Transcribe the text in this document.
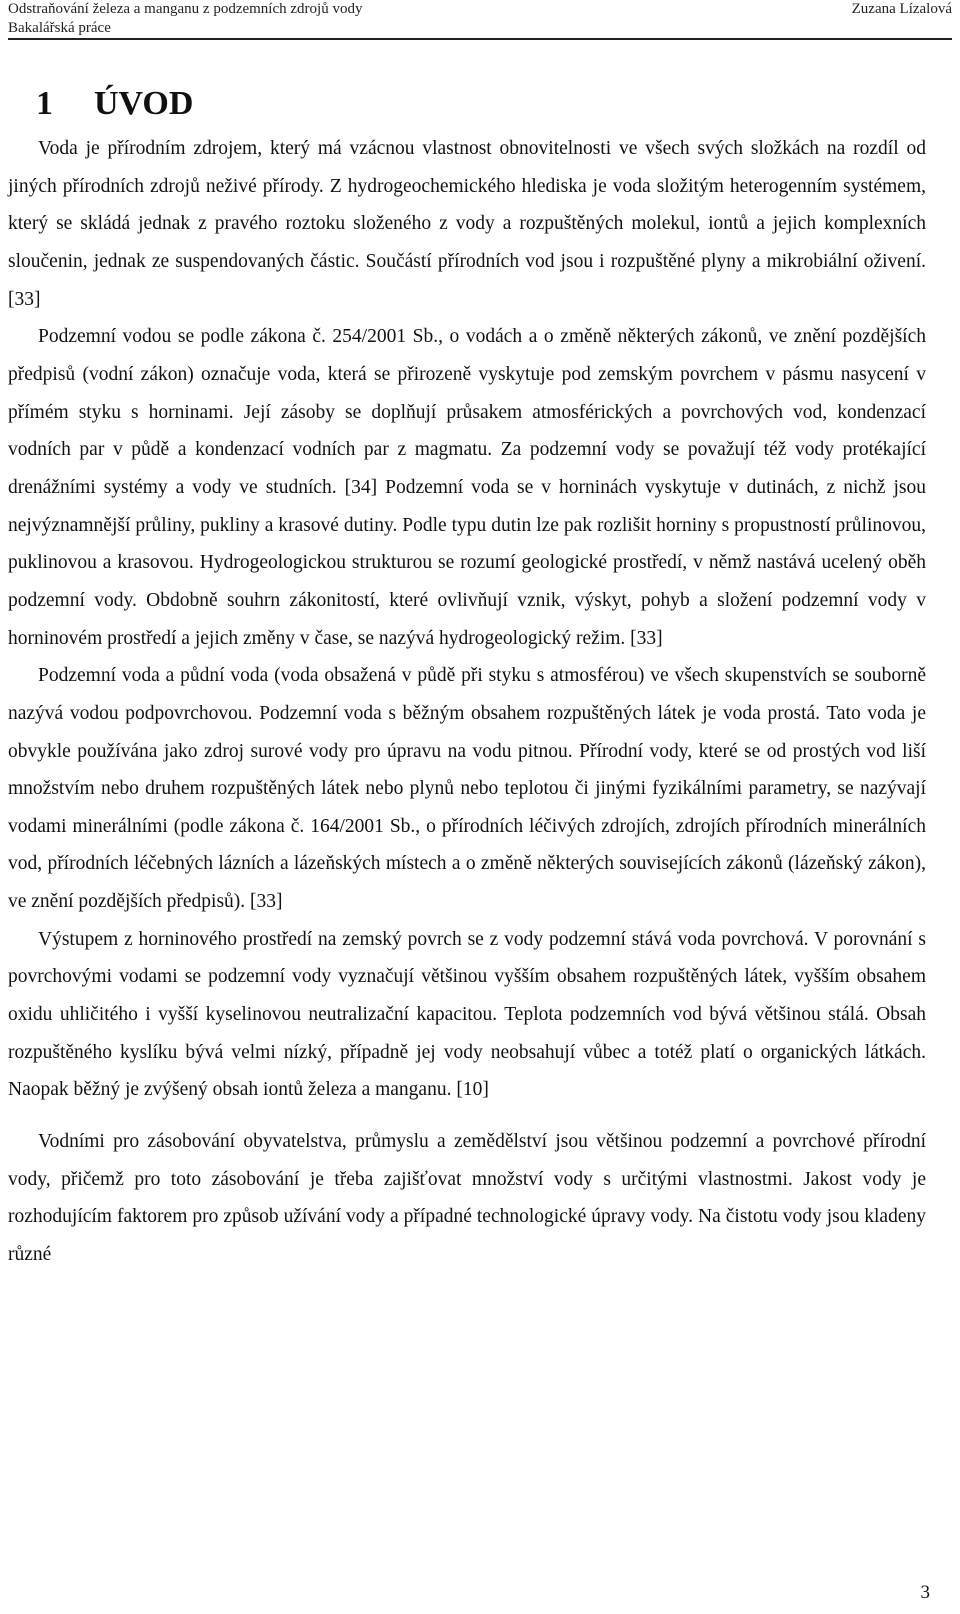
Odstraňování železa a manganu z podzemních zdrojů vody
Bakalářská práce
Zuzana Lízalová
1 ÚVOD

Voda je přírodním zdrojem, který má vzácnou vlastnost obnovitelnosti ve všech svých složkách na rozdíl od jiných přírodních zdrojů neživé přírody. Z hydrogeochemického hlediska je voda složitým heterogenním systémem, který se skládá jednak z pravého roztoku složeného z vody a rozpuštěných molekul, iontů a jejich komplexních sloučenin, jednak ze suspendovaných částic. Součástí přírodních vod jsou i rozpuštěné plyny a mikrobiální oživení. [33]

Podzemní vodou se podle zákona č. 254/2001 Sb., o vodách a o změně některých zákonů, ve znění pozdějších předpisů (vodní zákon) označuje voda, která se přirozeně vyskytuje pod zemským povrchem v pásmu nasycení v přímém styku s horninami. Její zásoby se doplňují průsakem atmosférických a povrchových vod, kondenzací vodních par v půdě a kondenzací vodních par z magmatu. Za podzemní vody se považují též vody protékající drenážními systémy a vody ve studních. [34] Podzemní voda se v horninách vyskytuje v dutinách, z nichž jsou nejvýznamnější průliny, pukliny a krasové dutiny. Podle typu dutin lze pak rozlišit horniny s propustností průlinovou, puklinovou a krasovou. Hydrogeologickou strukturou se rozumí geologické prostředí, v němž nastává ucelený oběh podzemní vody. Obdobně souhrn zákonitostí, které ovlivňují vznik, výskyt, pohyb a složení podzemní vody v horninovém prostředí a jejich změny v čase, se nazývá hydrogeologický režim. [33]

Podzemní voda a půdní voda (voda obsažená v půdě při styku s atmosférou) ve všech skupenstvích se souborně nazývá vodou podpovrchovou. Podzemní voda s běžným obsahem rozpuštěných látek je voda prostá. Tato voda je obvykle používána jako zdroj surové vody pro úpravu na vodu pitnou. Přírodní vody, které se od prostých vod liší množstvím nebo druhem rozpuštěných látek nebo plynů nebo teplotou či jinými fyzikálními parametry, se nazývají vodami minerálními (podle zákona č. 164/2001 Sb., o přírodních léčivých zdrojích, zdrojích přírodních minerálních vod, přírodních léčebných lázních a lázeňských místech a o změně některých souvisejících zákonů (lázeňský zákon), ve znění pozdějších předpisů). [33]

Výstupem z horninového prostředí na zemský povrch se z vody podzemní stává voda povrchová. V porovnání s povrchovými vodami se podzemní vody vyznačují většinou vyšším obsahem rozpuštěných látek, vyšším obsahem oxidu uhličitého i vyšší kyselinovou neutralizační kapacitou. Teplota podzemních vod bývá většinou stálá. Obsah rozpuštěného kyslíku bývá velmi nízký, případně jej vody neobsahují vůbec a totéž platí o organických látkách. Naopak běžný je zvýšený obsah iontů železa a manganu. [10]

Vodními pro zásobování obyvatelstva, průmyslu a zemědělství jsou většinou podzemní a povrchové přírodní vody, přičemž pro toto zásobování je třeba zajišťovat množství vody s určitými vlastnostmi. Jakost vody je rozhodujícím faktorem pro způsob užívání vody a případné technologické úpravy vody. Na čistotu vody jsou kladeny různé

3
